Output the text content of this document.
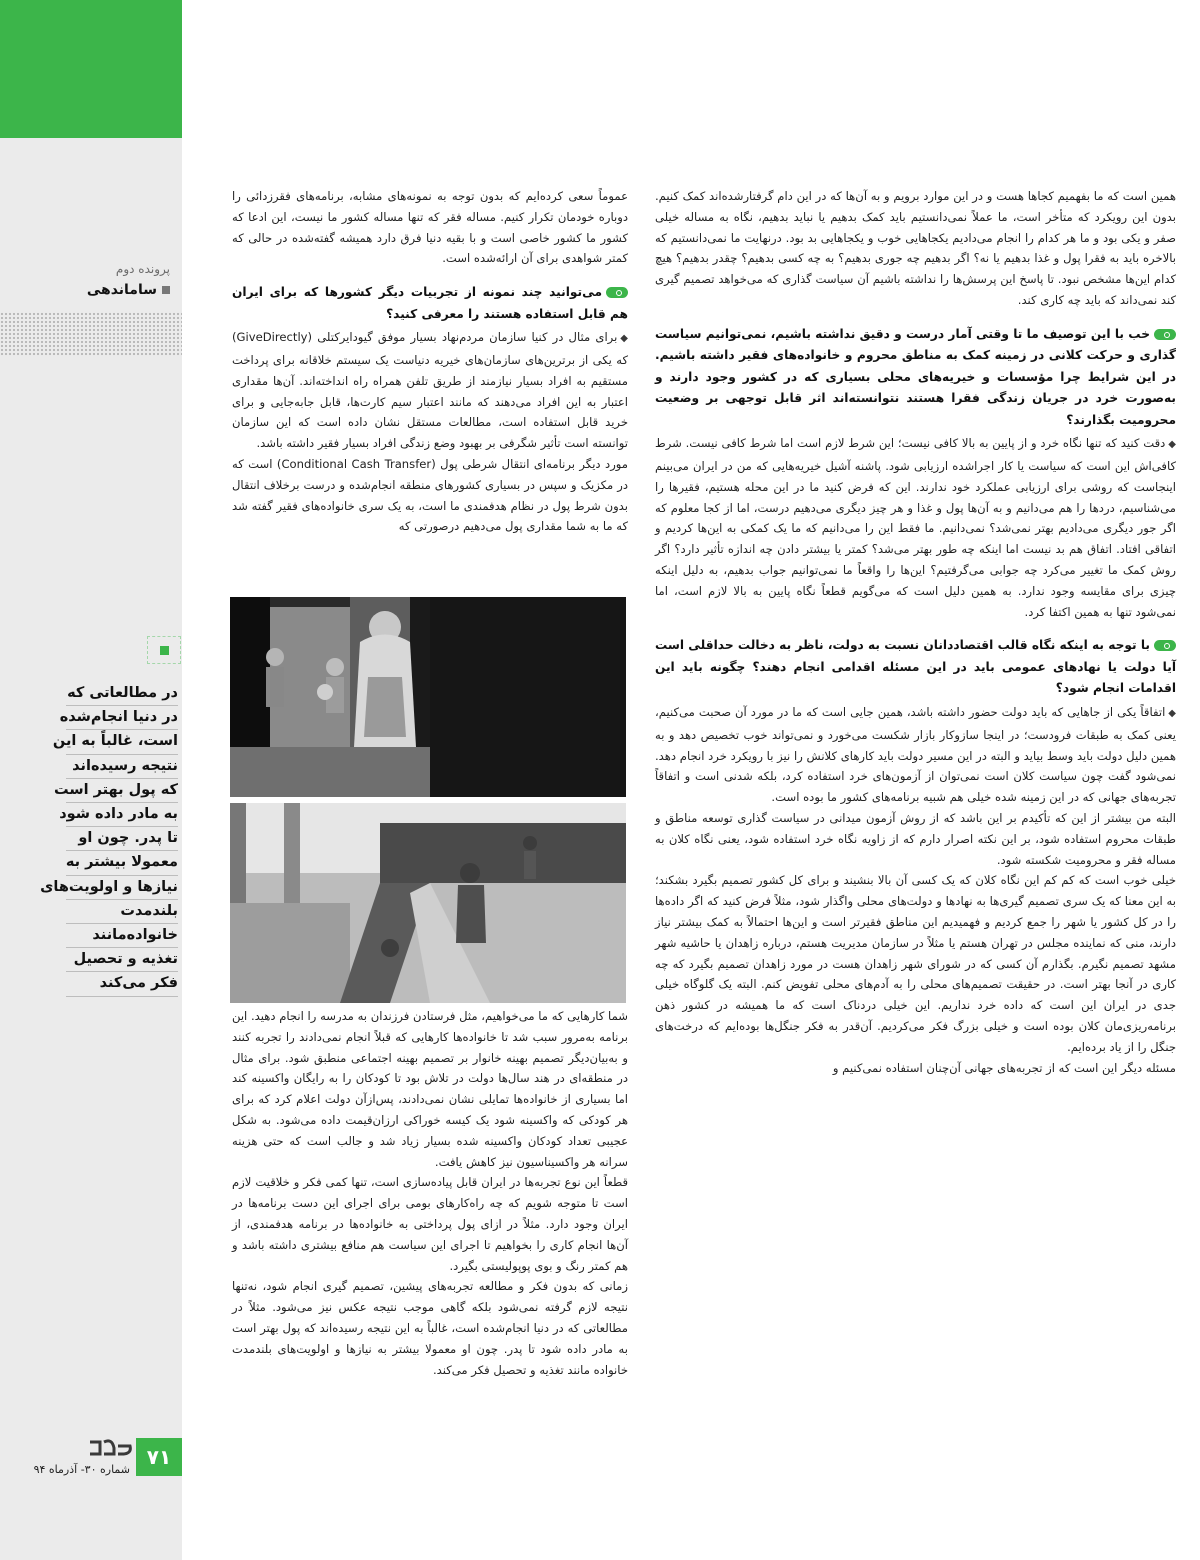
پرونده دوم
ساماندهی
در مطالعاتی که
در دنیا انجام‌شده
است، غالباً به این
نتیجه رسیده‌اند
که پول بهتر است
به مادر داده شود
تا پدر. چون او
معمولا بیشتر به
نیازها و اولویت‌های
بلندمدت
خانواده‌مانند
تغذیه و تحصیل
فکر می‌کند

همین است که ما بفهمیم کجاها هست و در این موارد برویم و به آن‌ها که در این دام گرفتارشده‌اند کمک کنیم. بدون این رویکرد که متأخر است، ما عملاً نمی‌دانستیم باید کمک بدهیم یا نباید بدهیم، نگاه به مساله خیلی صفر و یکی بود و ما هر کدام را انجام می‌دادیم یکجاهایی خوب و یکجاهایی بد بود. درنهایت ما نمی‌دانستیم که بالاخره باید به فقرا پول و غذا بدهیم یا نه؟ اگر بدهیم چه جوری بدهیم؟ به چه کسی بدهیم؟ چقدر بدهیم؟ هیچ کدام این‌ها مشخص نبود. تا پاسخ این پرسش‌ها را نداشته باشیم آن سیاست گذاری که می‌خواهد تصمیم گیری کند نمی‌داند که باید چه کاری کند.

خب با این توصیف ما تا وقتی آمار درست و دقیق نداشته باشیم، نمی‌توانیم سیاست گذاری و حرکت کلانی در زمینه کمک به مناطق محروم و خانواده‌های فقیر داشته باشیم. در این شرایط چرا مؤسسات و خیریه‌های محلی بسیاری که در کشور وجود دارند و به‌صورت خرد در جریان زندگی فقرا هستند نتوانسته‌اند اثر قابل توجهی بر وضعیت محرومیت بگذارند؟

◆دقت کنید که تنها نگاه خرد و از پایین به بالا کافی نیست؛ این شرط لازم است اما شرط کافی نیست. شرط کافی‌اش این است که سیاست یا کار اجراشده ارزیابی شود. پاشنه آشیل خیریه‌هایی که من در ایران می‌بینم اینجاست که روشی برای ارزیابی عملکرد خود ندارند. این که فرض کنید ما در این محله هستیم، فقیرها را می‌شناسیم، دردها را هم می‌دانیم و به آن‌ها پول و غذا و هر چیز دیگری می‌دهیم درست، اما از کجا معلوم که اگر جور دیگری می‌دادیم بهتر نمی‌شد؟ نمی‌دانیم. ما فقط این را می‌دانیم که ما یک کمکی به این‌ها کردیم و اتفاقی افتاد. اتفاق هم بد نیست اما اینکه چه طور بهتر می‌شد؟ کمتر یا بیشتر دادن چه اندازه تأثیر دارد؟ اگر روش کمک ما تغییر می‌کرد چه جوابی می‌گرفتیم؟ این‌ها را واقعاً ما نمی‌توانیم جواب بدهیم، به دلیل اینکه چیزی برای مقایسه وجود ندارد. به همین دلیل است که می‌گویم قطعاً نگاه پایین به بالا لازم است، اما نمی‌شود تنها به همین اکتفا کرد.

با توجه به اینکه نگاه قالب اقتصاددانان نسبت به دولت، ناظر به دخالت حداقلی است آیا دولت یا نهادهای عمومی باید در این مسئله اقدامی انجام دهند؟ چگونه باید این اقدامات انجام شود؟

◆اتفاقاً یکی از جاهایی که باید دولت حضور داشته باشد، همین جایی است که ما در مورد آن صحبت می‌کنیم، یعنی کمک به طبقات فرودست؛ در اینجا سازوکار بازار شکست می‌خورد و نمی‌تواند خوب تخصیص دهد و به همین دلیل دولت باید وسط بیاید و البته در این مسیر دولت باید کارهای کلانش را نیز با رویکرد خرد انجام دهد. نمی‌شود گفت چون سیاست کلان است نمی‌توان از آزمون‌های خرد استفاده کرد، بلکه شدنی است و اتفاقاً تجربه‌های جهانی که در این زمینه شده خیلی هم شبیه برنامه‌های کشور ما بوده است.

البته من بیشتر از این که تأکیدم بر این باشد که از روش آزمون میدانی در سیاست گذاری توسعه مناطق و طبقات محروم استفاده شود، بر این نکته اصرار دارم که از زاویه نگاه خرد استفاده شود، یعنی نگاه کلان به مساله فقر و محرومیت شکسته شود.

خیلی خوب است که کم کم این نگاه کلان که یک کسی آن بالا بنشیند و برای کل کشور تصمیم بگیرد بشکند؛ به این معنا که یک سری تصمیم گیری‌ها به نهادها و دولت‌های محلی واگذار شود، مثلاً فرض کنید که اگر داده‌ها را در کل کشور یا شهر را جمع کردیم و فهمیدیم این مناطق فقیرتر است و این‌ها احتمالاً به کمک بیشتر نیاز دارند، منی که نماینده مجلس در تهران هستم یا مثلاً در سازمان مدیریت هستم، درباره زاهدان یا حاشیه شهر مشهد تصمیم نگیرم. بگذارم آن کسی که در شورای شهر زاهدان هست در مورد زاهدان تصمیم بگیرد که چه کاری در آنجا بهتر است. در حقیقت تصمیم‌های محلی را به آدم‌های محلی تفویض کنم. البته یک گلوگاه خیلی جدی در ایران این است که داده خرد نداریم. این خیلی دردناک است که ما همیشه در کشور ذهن برنامه‌ریزی‌مان کلان بوده است و خیلی بزرگ فکر می‌کردیم. آن‌قدر به فکر جنگل‌ها بوده‌ایم که درخت‌های جنگل را از یاد برده‌ایم.

مسئله دیگر این است که از تجربه‌های جهانی آن‌چنان استفاده نمی‌کنیم و

عموماً سعی کرده‌ایم که بدون توجه به نمونه‌های مشابه، برنامه‌های فقرزدائی را دوباره خودمان تکرار کنیم. مساله فقر که تنها مساله کشور ما نیست، این ادعا که کشور ما کشور خاصی است و با بقیه دنیا فرق دارد همیشه گفته‌شده در حالی که کمتر شواهدی برای آن ارائه‌شده است.

می‌توانید چند نمونه از تجربیات دیگر کشورها که برای ایران هم قابل استفاده هستند را معرفی کنید؟

◆برای مثال در کنیا سازمان مردم‌نهاد بسیار موفق گیودایرکتلی (GiveDirectly) که یکی از برترین‌های سازمان‌های خیریه دنیاست یک سیستم خلاقانه برای پرداخت مستقیم به افراد بسیار نیازمند از طریق تلفن همراه راه انداخته‌اند. آن‌ها مقداری اعتبار به این افراد می‌دهند که مانند اعتبار سیم کارت‌ها، قابل جابه‌جایی و برای خرید قابل استفاده است، مطالعات مستقل نشان داده است که این سازمان توانسته است تأثیر شگرفی بر بهبود وضع زندگی افراد بسیار فقیر داشته باشد.

مورد دیگر برنامه‌ای انتقال شرطی پول (Conditional Cash Transfer) است که در مکزیک و سپس در بسیاری کشورهای منطقه انجام‌شده و درست برخلاف انتقال بدون شرط پول در نظام هدفمندی ما است، به یک سری خانواده‌های فقیر گفته شد که ما به شما مقداری پول می‌دهیم درصورتی که

شما کارهایی که ما می‌خواهیم، مثل فرستادن فرزندان به مدرسه را انجام دهید. این برنامه به‌مرور سبب شد تا خانواده‌ها کارهایی که قبلاً انجام نمی‌دادند را تجربه کنند و به‌بیان‌دیگر تصمیم بهینه خانوار بر تصمیم بهینه اجتماعی منطبق شود. برای مثال در منطقه‌ای در هند سال‌ها دولت در تلاش بود تا کودکان را به رایگان واکسینه کند اما بسیاری از خانواده‌ها تمایلی نشان نمی‌دادند، پس‌ازآن دولت اعلام کرد که برای هر کودکی که واکسینه شود یک کیسه خوراکی ارزان‌قیمت داده می‌شود. به شکل عجیبی تعداد کودکان واکسینه شده بسیار زیاد شد و جالب است که حتی هزینه سرانه هر واکسیناسیون نیز کاهش یافت.

قطعاً این نوع تجربه‌ها در ایران قابل پیاده‌سازی است، تنها کمی فکر و خلاقیت لازم است تا متوجه شویم که چه راه‌کارهای بومی برای اجرای این دست برنامه‌ها در ایران وجود دارد. مثلاً در ازای پول پرداختی به خانواده‌ها در برنامه هدفمندی، از آن‌ها انجام کاری را بخواهیم تا اجرای این سیاست هم منافع بیشتری داشته باشد و هم کمتر رنگ و بوی پوپولیستی بگیرد.

زمانی که بدون فکر و مطالعه تجربه‌های پیشین، تصمیم گیری انجام شود، نه‌تنها نتیجه لازم گرفته نمی‌شود بلکه گاهی موجب نتیجه عکس نیز می‌شود. مثلاً در مطالعاتی که در دنیا انجام‌شده است، غالباً به این نتیجه رسیده‌اند که پول بهتر است به مادر داده شود تا پدر. چون او معمولا بیشتر به نیازها و اولویت‌های بلندمدت خانواده مانند تغذیه و تحصیل فکر می‌کند.

۷۱
شماره ۳۰- آذرماه ۹۴
